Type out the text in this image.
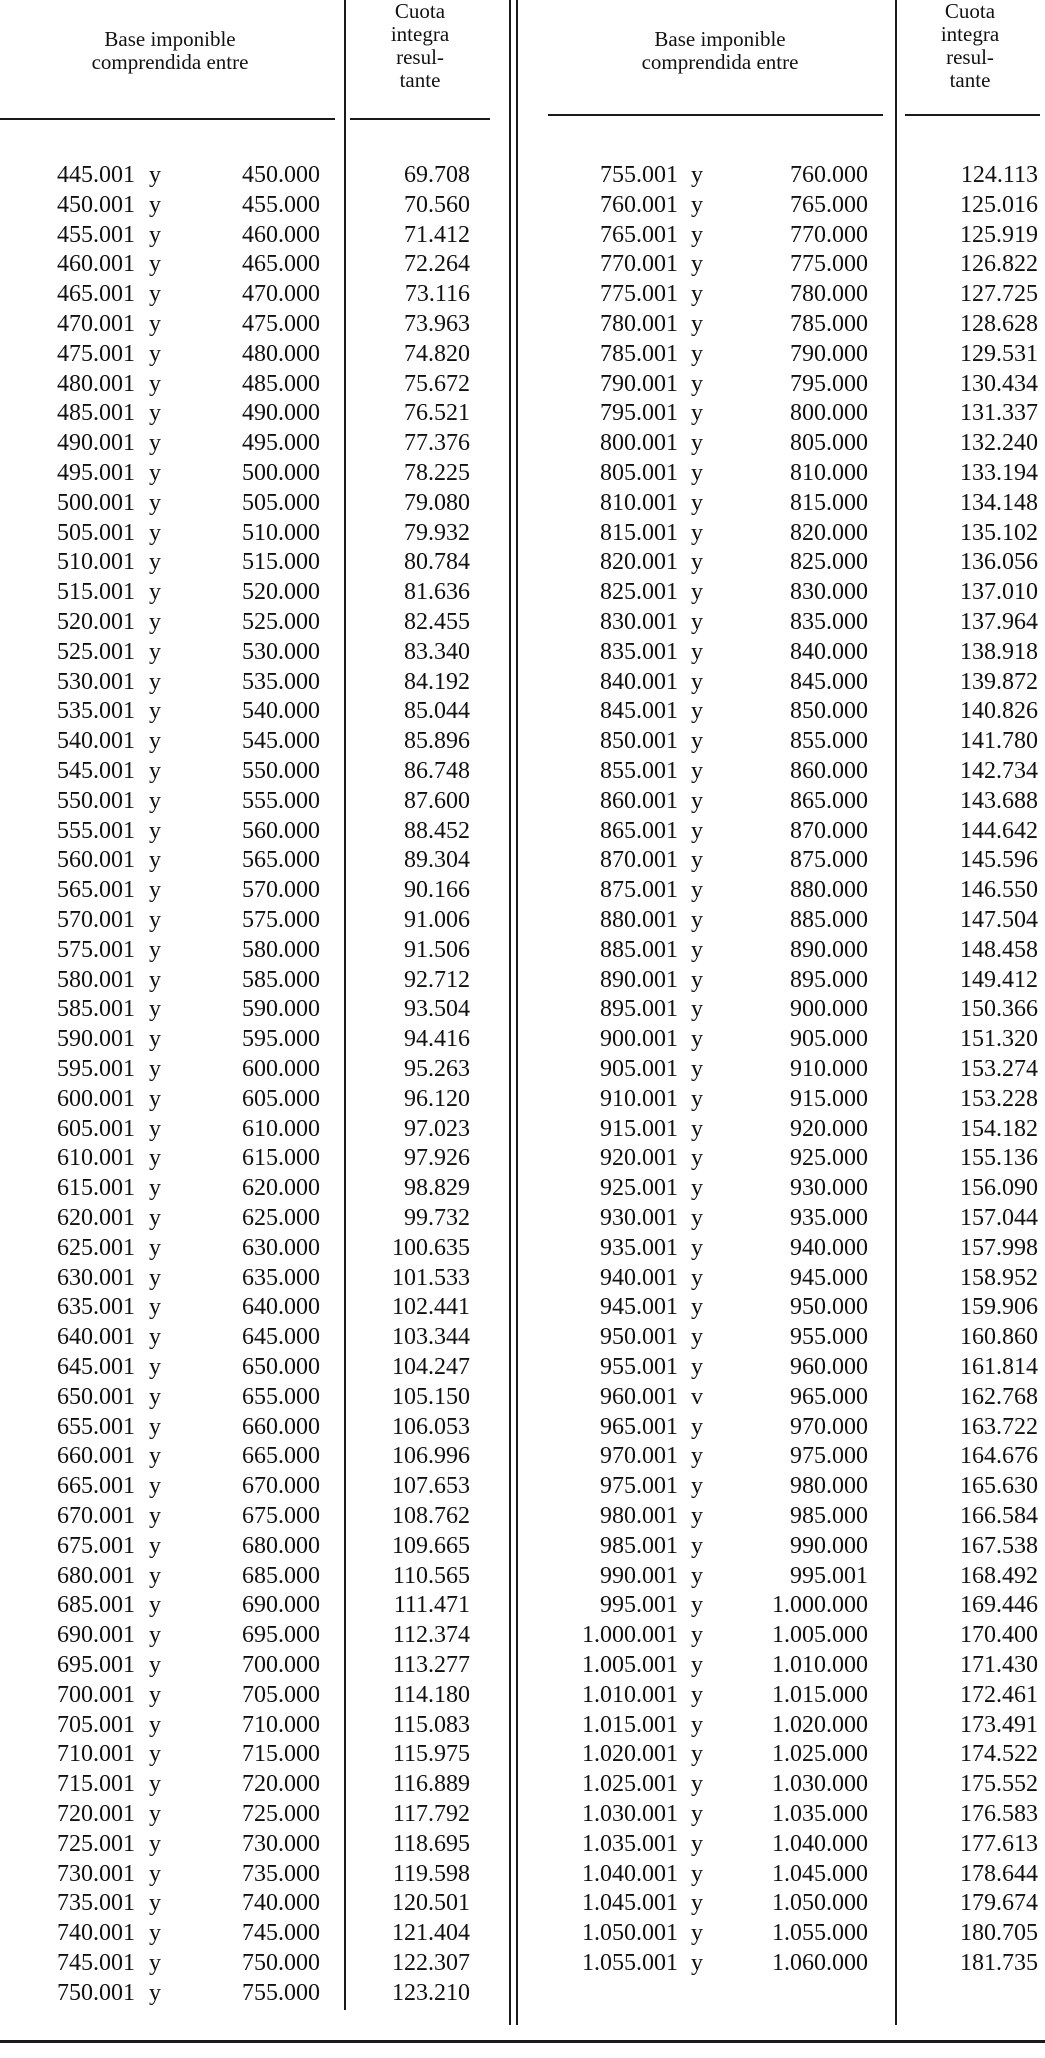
Base imponible
comprendida entre
Cuota
integra
resul-
tante
Base imponible
comprendida entre
Cuota
integra
resul-
tante
445.001 y	450.000	69.708
450.001 y	455.000	70.560
455.001 y	460.000	71.412
460.001 y	465.000	72.264
465.001 y	470.000	73.116
470.001 y	475.000	73.963
475.001 y	480.000	74.820
480.001 y	485.000	75.672
485.001 y	490.000	76.521
490.001 y	495.000	77.376
495.001 y	500.000	78.225
500.001 y	505.000	79.080
505.001 y	510.000	79.932
510.001 y	515.000	80.784
515.001 y	520.000	81.636
520.001 y	525.000	82.455
525.001 y	530.000	83.340
530.001 y	535.000	84.192
535.001 y	540.000	85.044
540.001 y	545.000	85.896
545.001 y	550.000	86.748
550.001 y	555.000	87.600
555.001 y	560.000	88.452
560.001 y	565.000	89.304
565.001 y	570.000	90.166
570.001 y	575.000	91.006
575.001 y	580.000	91.506
580.001 y	585.000	92.712
585.001 y	590.000	93.504
590.001 y	595.000	94.416
595.001 y	600.000	95.263
600.001 y	605.000	96.120
605.001 y	610.000	97.023
610.001 y	615.000	97.926
615.001 y	620.000	98.829
620.001 y	625.000	99.732
625.001 y	630.000	100.635
630.001 y	635.000	101.533
635.001 y	640.000	102.441
640.001 y	645.000	103.344
645.001 y	650.000	104.247
650.001 y	655.000	105.150
655.001 y	660.000	106.053
660.001 y	665.000	106.996
665.001 y	670.000	107.653
670.001 y	675.000	108.762
675.001 y	680.000	109.665
680.001 y	685.000	110.565
685.001 y	690.000	111.471
690.001 y	695.000	112.374
695.001 y	700.000	113.277
700.001 y	705.000	114.180
705.001 y	710.000	115.083
710.001 y	715.000	115.975
715.001 y	720.000	116.889
720.001 y	725.000	117.792
725.001 y	730.000	118.695
730.001 y	735.000	119.598
735.001 y	740.000	120.501
740.001 y	745.000	121.404
745.001 y	750.000	122.307
750.001 y	755.000	123.210
755.001 y	760.000	124.113
760.001 y	765.000	125.016
765.001 y	770.000	125.919
770.001 y	775.000	126.822
775.001 y	780.000	127.725
780.001 y	785.000	128.628
785.001 y	790.000	129.531
790.001 y	795.000	130.434
795.001 y	800.000	131.337
800.001 y	805.000	132.240
805.001 y	810.000	133.194
810.001 y	815.000	134.148
815.001 y	820.000	135.102
820.001 y	825.000	136.056
825.001 y	830.000	137.010
830.001 y	835.000	137.964
835.001 y	840.000	138.918
840.001 y	845.000	139.872
845.001 y	850.000	140.826
850.001 y	855.000	141.780
855.001 y	860.000	142.734
860.001 y	865.000	143.688
865.001 y	870.000	144.642
870.001 y	875.000	145.596
875.001 y	880.000	146.550
880.001 y	885.000	147.504
885.001 y	890.000	148.458
890.001 y	895.000	149.412
895.001 y	900.000	150.366
900.001 y	905.000	151.320
905.001 y	910.000	153.274
910.001 y	915.000	153.228
915.001 y	920.000	154.182
920.001 y	925.000	155.136
925.001 y	930.000	156.090
930.001 y	935.000	157.044
935.001 y	940.000	157.998
940.001 y	945.000	158.952
945.001 y	950.000	159.906
950.001 y	955.000	160.860
955.001 y	960.000	161.814
960.001 v	965.000	162.768
965.001 y	970.000	163.722
970.001 y	975.000	164.676
975.001 y	980.000	165.630
980.001 y	985.000	166.584
985.001 y	990.000	167.538
990.001 y	995.001	168.492
995.001 y	1.000.000	169.446
1.000.001 y	1.005.000	170.400
1.005.001 y	1.010.000	171.430
1.010.001 y	1.015.000	172.461
1.015.001 y	1.020.000	173.491
1.020.001 y	1.025.000	174.522
1.025.001 y	1.030.000	175.552
1.030.001 y	1.035.000	176.583
1.035.001 y	1.040.000	177.613
1.040.001 y	1.045.000	178.644
1.045.001 y	1.050.000	179.674
1.050.001 y	1.055.000	180.705
1.055.001 y	1.060.000	181.735
